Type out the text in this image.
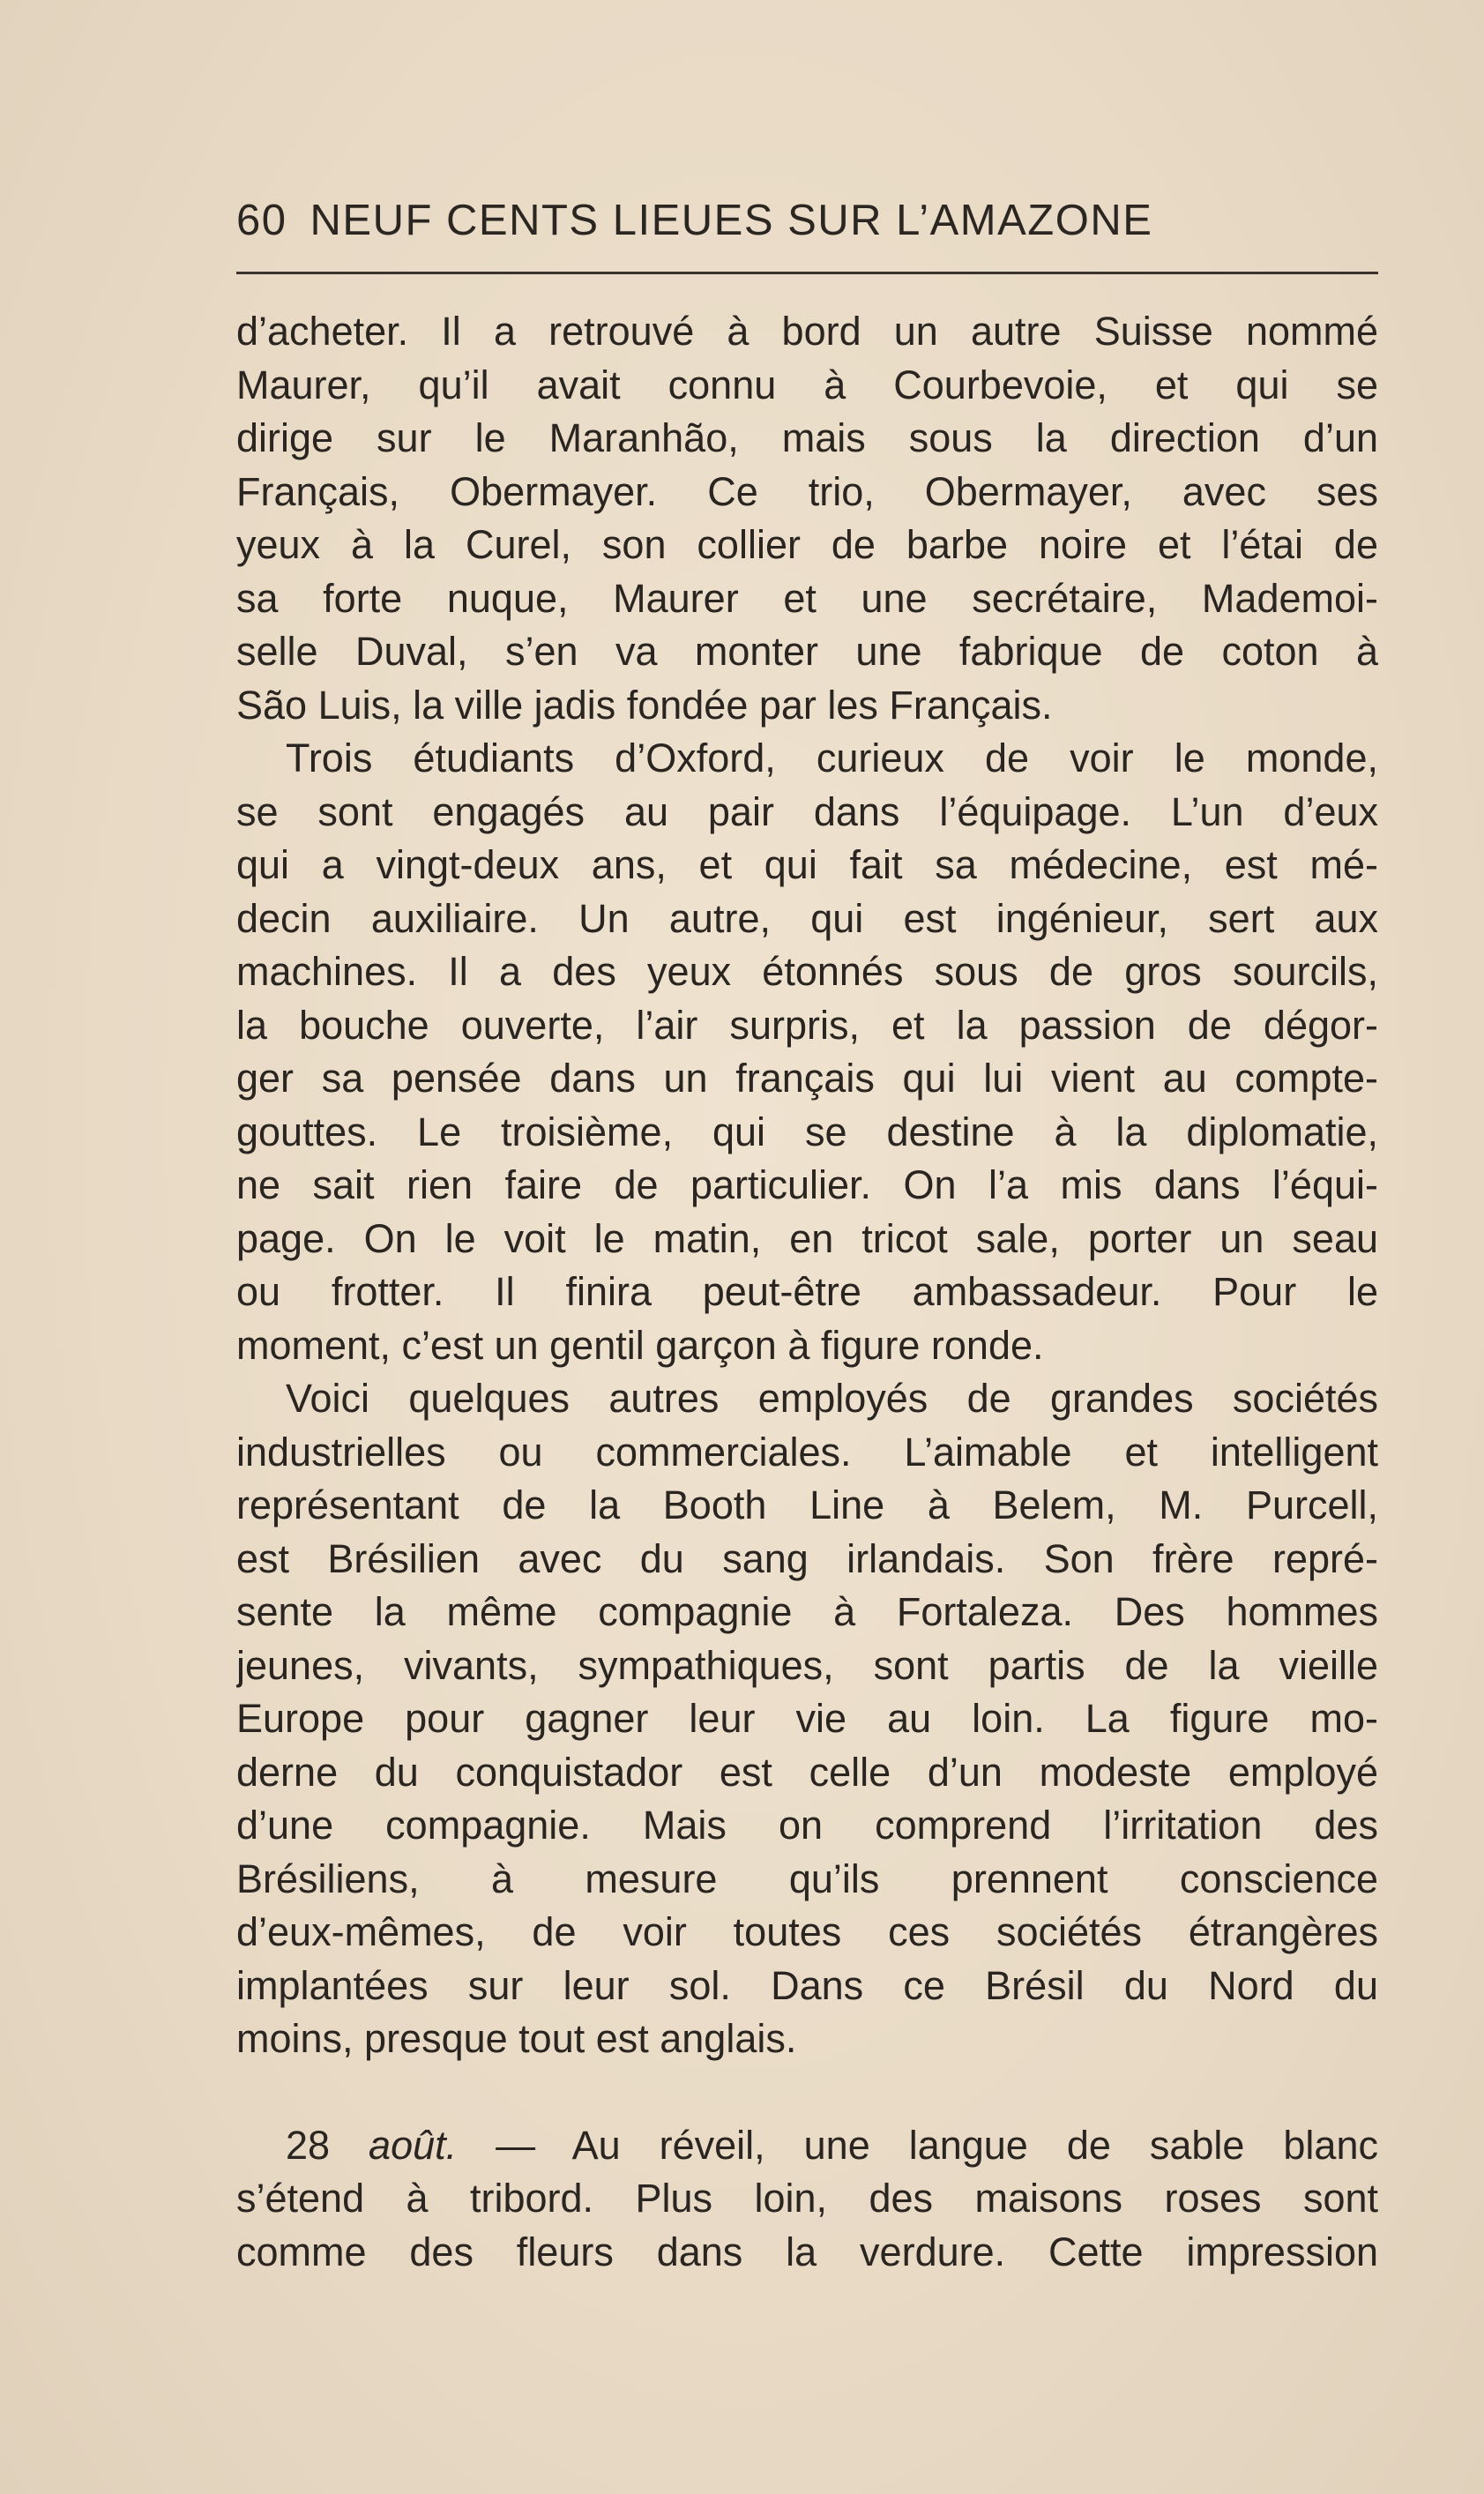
60 NEUF CENTS LIEUES SUR L’AMAZONE
d’acheter. Il a retrouvé à bord un autre Suisse nommé
Maurer, qu’il avait connu à Courbevoie, et qui se
dirige sur le Maranhão, mais sous la direction d’un
Français, Obermayer. Ce trio, Obermayer, avec ses
yeux à la Curel, son collier de barbe noire et l’étai de
sa forte nuque, Maurer et une secrétaire, Mademoi-
selle Duval, s’en va monter une fabrique de coton à
São Luis, la ville jadis fondée par les Français.
Trois étudiants d’Oxford, curieux de voir le monde,
se sont engagés au pair dans l’équipage. L’un d’eux
qui a vingt-deux ans, et qui fait sa médecine, est mé-
decin auxiliaire. Un autre, qui est ingénieur, sert aux
machines. Il a des yeux étonnés sous de gros sourcils,
la bouche ouverte, l’air surpris, et la passion de dégor-
ger sa pensée dans un français qui lui vient au compte-
gouttes. Le troisième, qui se destine à la diplomatie,
ne sait rien faire de particulier. On l’a mis dans l’équi-
page. On le voit le matin, en tricot sale, porter un seau
ou frotter. Il finira peut-être ambassadeur. Pour le
moment, c’est un gentil garçon à figure ronde.
Voici quelques autres employés de grandes sociétés
industrielles ou commerciales. L’aimable et intelligent
représentant de la Booth Line à Belem, M. Purcell,
est Brésilien avec du sang irlandais. Son frère repré-
sente la même compagnie à Fortaleza. Des hommes
jeunes, vivants, sympathiques, sont partis de la vieille
Europe pour gagner leur vie au loin. La figure mo-
derne du conquistador est celle d’un modeste employé
d’une compagnie. Mais on comprend l’irritation des
Brésiliens, à mesure qu’ils prennent conscience
d’eux-mêmes, de voir toutes ces sociétés étrangères
implantées sur leur sol. Dans ce Brésil du Nord du
moins, presque tout est anglais.
28 août. — Au réveil, une langue de sable blanc
s’étend à tribord. Plus loin, des maisons roses sont
comme des fleurs dans la verdure. Cette impression
